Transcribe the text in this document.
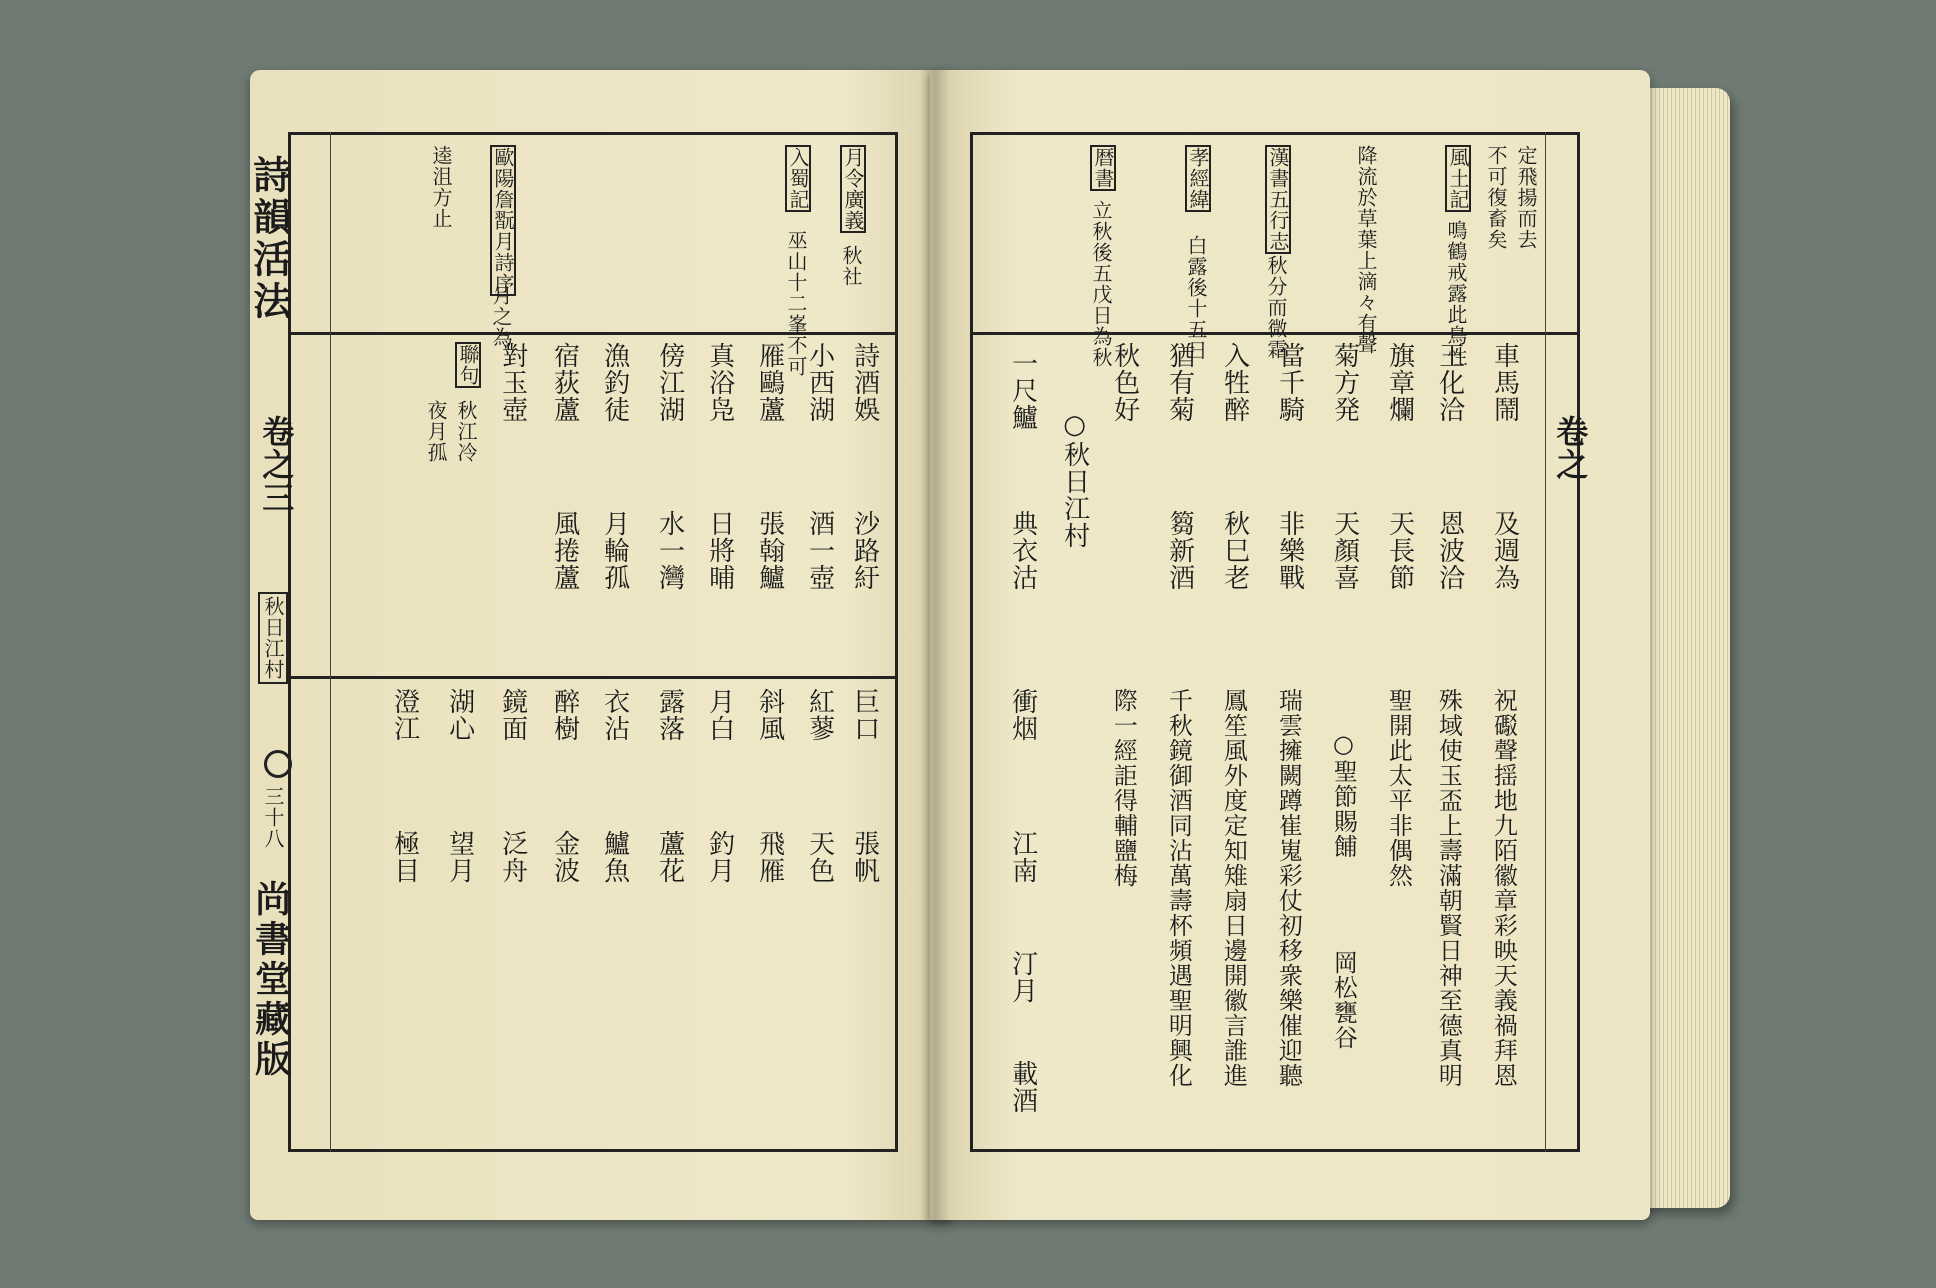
詩韻活法
卷之三
秋日江村
三十八
尚書堂藏版
月令廣義
秋社
入蜀記
巫山十二峯不可
歐陽詹翫月詩序
月之為
逵沮方止
詩酒娛
沙路紆
小西湖
酒一壺
雁鷗蘆
張翰鱸
真浴凫
日將晡
傍江湖
水一灣
漁釣徒
月輪孤
宿荻蘆
風捲蘆
對玉壺
聯句
秋江冷
夜月孤
巨口
張帆
紅蓼
天色
斜風
飛雁
月白
釣月
露落
蘆花
衣沾
鱸魚
醉樹
金波
鏡面
泛舟
湖心
望月
澄江
極目
卷之
定飛揚而去
不可復畜矣
風土記
鳴鶴戒露此鳥性
降流於草葉上滴々有聲
漢書五行志
秋分而微霜
孝經緯
白露後十五日
暦書
立秋後五戊日為秋
車馬鬧
及週為
王化洽
恩波洽
旗章爛
天長節
菊方発
天顏喜
當千騎
非樂戰
入牲醉
秋巳老
猶有菊
篘新酒
秋色好
○秋日江村
一尺鱸
典衣沽
祝礟聲揺地九陌徽章彩映天義禍拜恩
殊域使玉盃上壽滿朝賢日神至德真明
聖開此太平非偶然
○聖節賜餔
岡松甕谷
瑞雲擁闕蹲崔嵬彩仗初移衆樂催迎聽
鳳笙風外度定知雉扇日邊開徽言誰進
千秋鏡御酒同沾萬壽杯頻遇聖明興化
際一經詎得輔鹽梅
衝烟
江南
汀月
載酒
